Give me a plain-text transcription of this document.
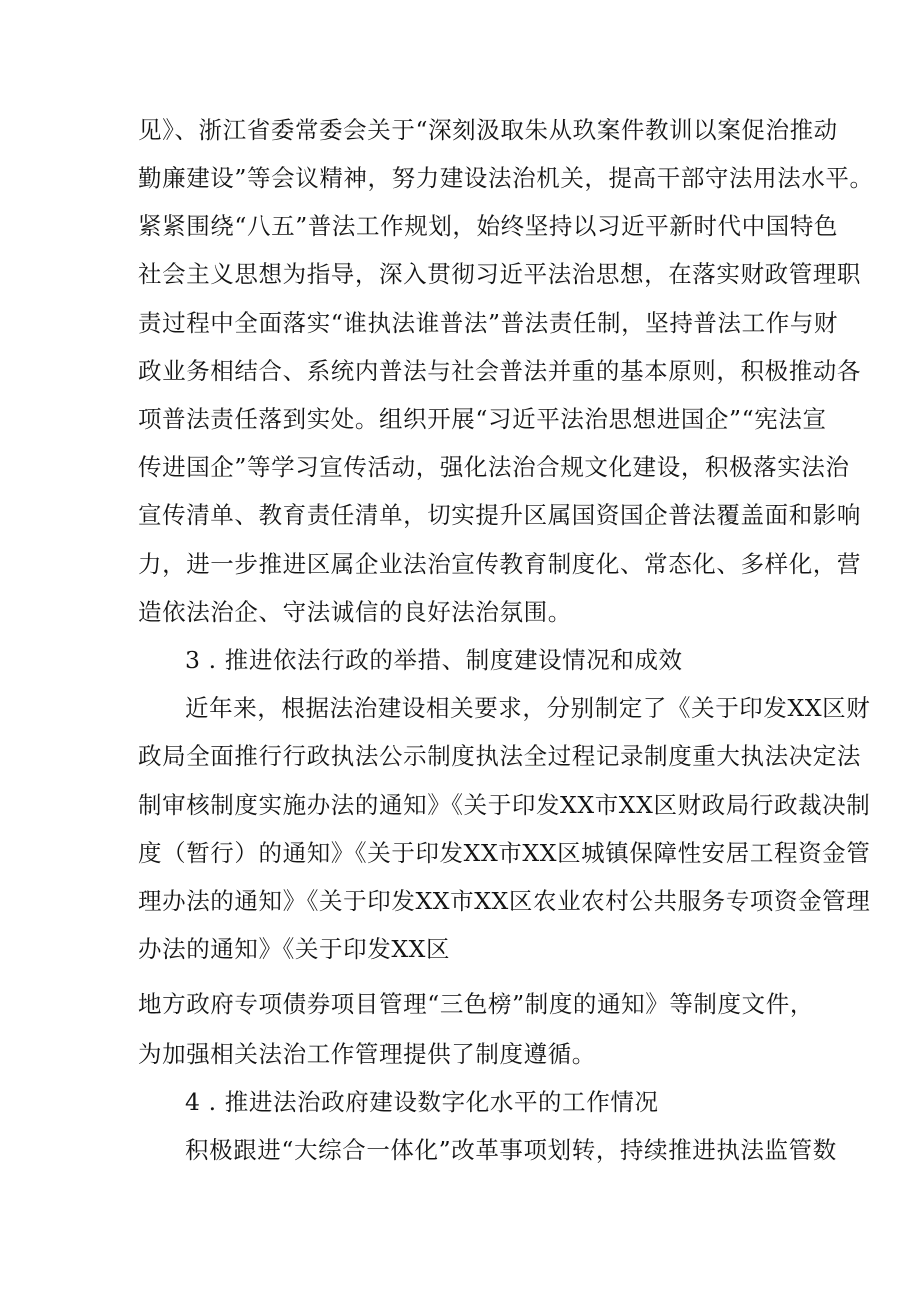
见》、浙江省委常委会关于“深刻汲取朱从玖案件教训以案促治推动
勤廉建设”等会议精神，努力建设法治机关，提高干部守法用法水平。
紧紧围绕“八五”普法工作规划，始终坚持以习近平新时代中国特色
社会主义思想为指导，深入贯彻习近平法治思想，在落实财政管理职
责过程中全面落实“谁执法谁普法”普法责任制，坚持普法工作与财
政业务相结合、系统内普法与社会普法并重的基本原则，积极推动各
项普法责任落到实处。组织开展“习近平法治思想进国企”“宪法宣
传进国企”等学习宣传活动，强化法治合规文化建设，积极落实法治
宣传清单、教育责任清单，切实提升区属国资国企普法覆盖面和影响
力，进一步推进区属企业法治宣传教育制度化、常态化、多样化，营
造依法治企、守法诚信的良好法治氛围。
3 . 推进依法行政的举措、制度建设情况和成效
近年来，根据法治建设相关要求，分别制定了《关于印发XX区财
政局全面推行行政执法公示制度执法全过程记录制度重大执法决定法
制审核制度实施办法的通知》《关于印发XX市XX区财政局行政裁决制
度（暂行）的通知》《关于印发XX市XX区城镇保障性安居工程资金管
理办法的通知》《关于印发XX市XX区农业农村公共服务专项资金管理
办法的通知》《关于印发XX区
地方政府专项债券项目管理“三色榜”制度的通知》等制度文件，
为加强相关法治工作管理提供了制度遵循。
4 . 推进法治政府建设数字化水平的工作情况
积极跟进“大综合一体化”改革事项划转，持续推进执法监管数
